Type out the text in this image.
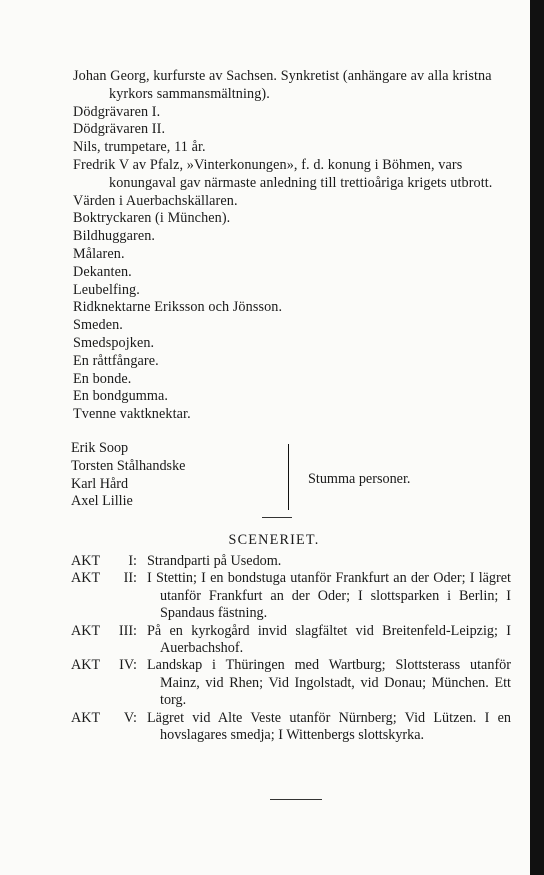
Johan Georg, kurfurste av Sachsen. Synkretist (anhängare av alla kristna kyrkors sammansmältning).
Dödgrävaren I.
Dödgrävaren II.
Nils, trumpetare, 11 år.
Fredrik V av Pfalz, »Vinterkonungen», f. d. konung i Böhmen, vars konungaval gav närmaste anledning till trettioåriga krigets utbrott.
Värden i Auerbachskällaren.
Boktryckaren (i München).
Bildhuggaren.
Målaren.
Dekanten.
Leubelfing.
Ridknektarne Eriksson och Jönsson.
Smeden.
Smedspojken.
En råttfångare.
En bonde.
En bondgumma.
Tvenne vaktknektar.
Erik Soop
Torsten Stålhandske
Karl Hård
Axel Lillie
Stumma personer.
SCENERIET.
AKT	I: Strandparti på Usedom.
AKT	II: I Stettin; I en bondstuga utanför Frankfurt an der Oder; I lägret utanför Frankfurt an der Oder; I slottsparken i Berlin; I Spandaus fästning.
AKT	III: På en kyrkogård invid slagfältet vid Breitenfeld-Leipzig; I Auerbachshof.
AKT	IV: Landskap i Thüringen med Wartburg; Slottsterass utanför Mainz, vid Rhen; Vid Ingolstadt, vid Donau; München. Ett torg.
AKT	V: Lägret vid Alte Veste utanför Nürnberg; Vid Lützen. I en hovslagares smedja; I Wittenbergs slottskyrka.
